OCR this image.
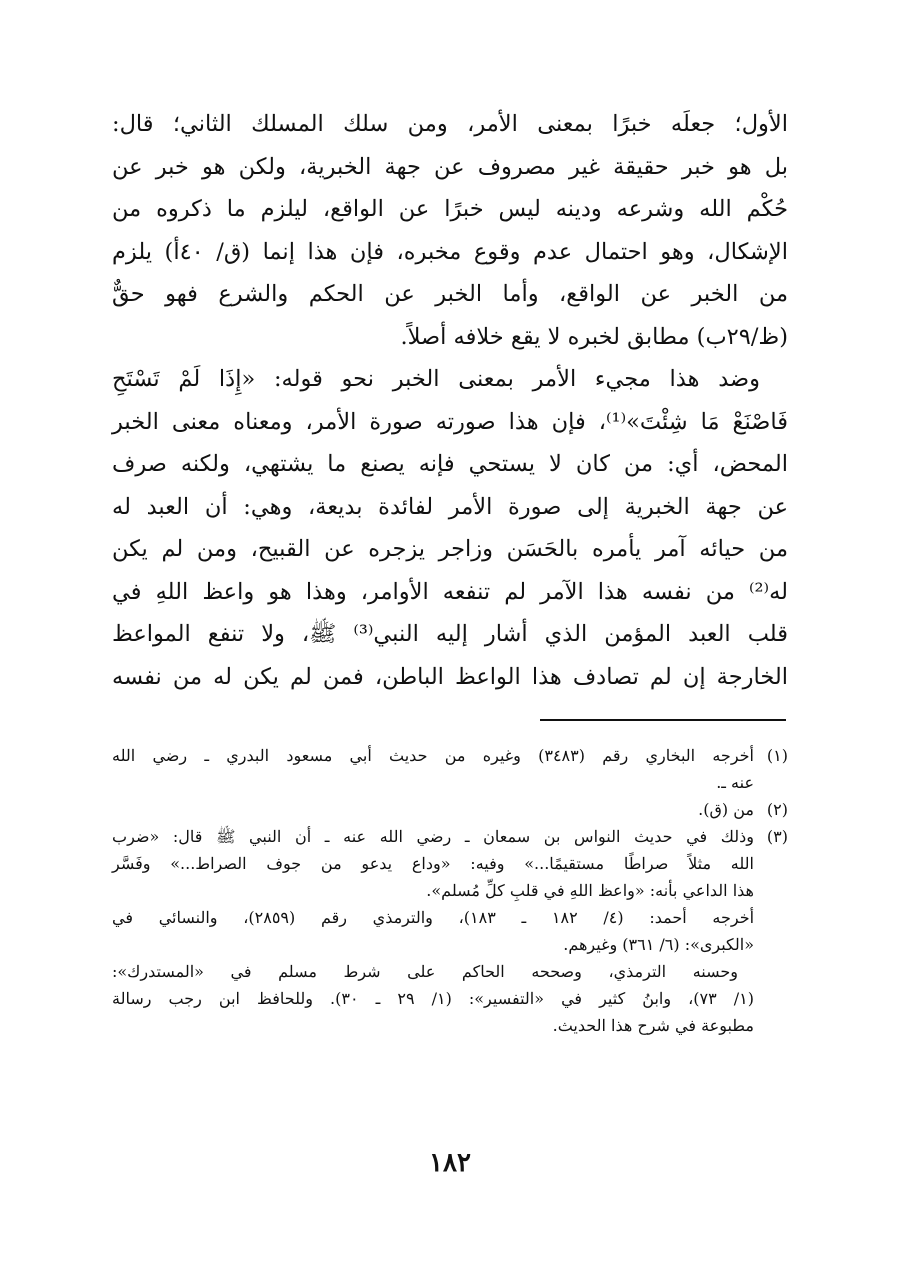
الأول؛ جعلَه خبرًا بمعنى الأمر، ومن سلك المسلك الثاني؛ قال:
بل هو خبر حقيقة غير مصروف عن جهة الخبرية، ولكن هو خبر عن
حُكْم الله وشرعه ودينه ليس خبرًا عن الواقع، ليلزم ما ذكروه من
الإشكال، وهو احتمال عدم وقوع مخبره، فإن هذا إنما (ق/ ٤٠أ) يلزم
من الخبر عن الواقع، وأما الخبر عن الحكم والشرع فهو حقٌّ
(ظ/٢٩ب) مطابق لخبره لا يقع خلافه أصلاً.
وضد هذا مجيء الأمر بمعنى الخبر نحو قوله: «إِذَا لَمْ تَسْتَحِ
فَاصْنَعْ مَا شِئْتَ»⁽¹⁾، فإن هذا صورته صورة الأمر، ومعناه معنى الخبر
المحض، أي: من كان لا يستحي فإنه يصنع ما يشتهي، ولكنه صرف
عن جهة الخبرية إلى صورة الأمر لفائدة بديعة، وهي: أن العبد له
من حيائه آمر يأمره بالحَسَن وزاجر يزجره عن القبيح، ومن لم يكن
له⁽²⁾ من نفسه هذا الآمر لم تنفعه الأوامر، وهذا هو واعظ اللهِ في
قلب العبد المؤمن الذي أشار إليه النبي⁽³⁾ ﷺ، ولا تنفع المواعظ
الخارجة إن لم تصادف هذا الواعظ الباطن، فمن لم يكن له من نفسه
(١)أخرجه البخاري رقم (٣٤٨٣) وغيره من حديث أبي مسعود البدري ـ رضي الله
عنه ـ.
(٢)من (ق).
(٣)وذلك في حديث النواس بن سمعان ـ رضي الله عنه ـ أن النبي ﷺ قال: «ضرب
الله مثلاً صراطًا مستقيمًا...» وفيه: «وداع يدعو من جوف الصراط...» وفَسَّر
هذا الداعي بأنه: «واعظ اللهِ في قلبِ كلِّ مُسلم».
أخرجه أحمد: (٤/ ١٨٢ ـ ١٨٣)، والترمذي رقم (٢٨٥٩)، والنسائي في
«الكبرى»: (٦/ ٣٦١) وغيرهم.
وحسنه الترمذي، وصححه الحاكم على شرط مسلم في «المستدرك»:
(١/ ٧٣)، وابنُ كثير في «التفسير»: (١/ ٢٩ ـ ٣٠). وللحافظ ابن رجب رسالة
مطبوعة في شرح هذا الحديث.
١٨٢
